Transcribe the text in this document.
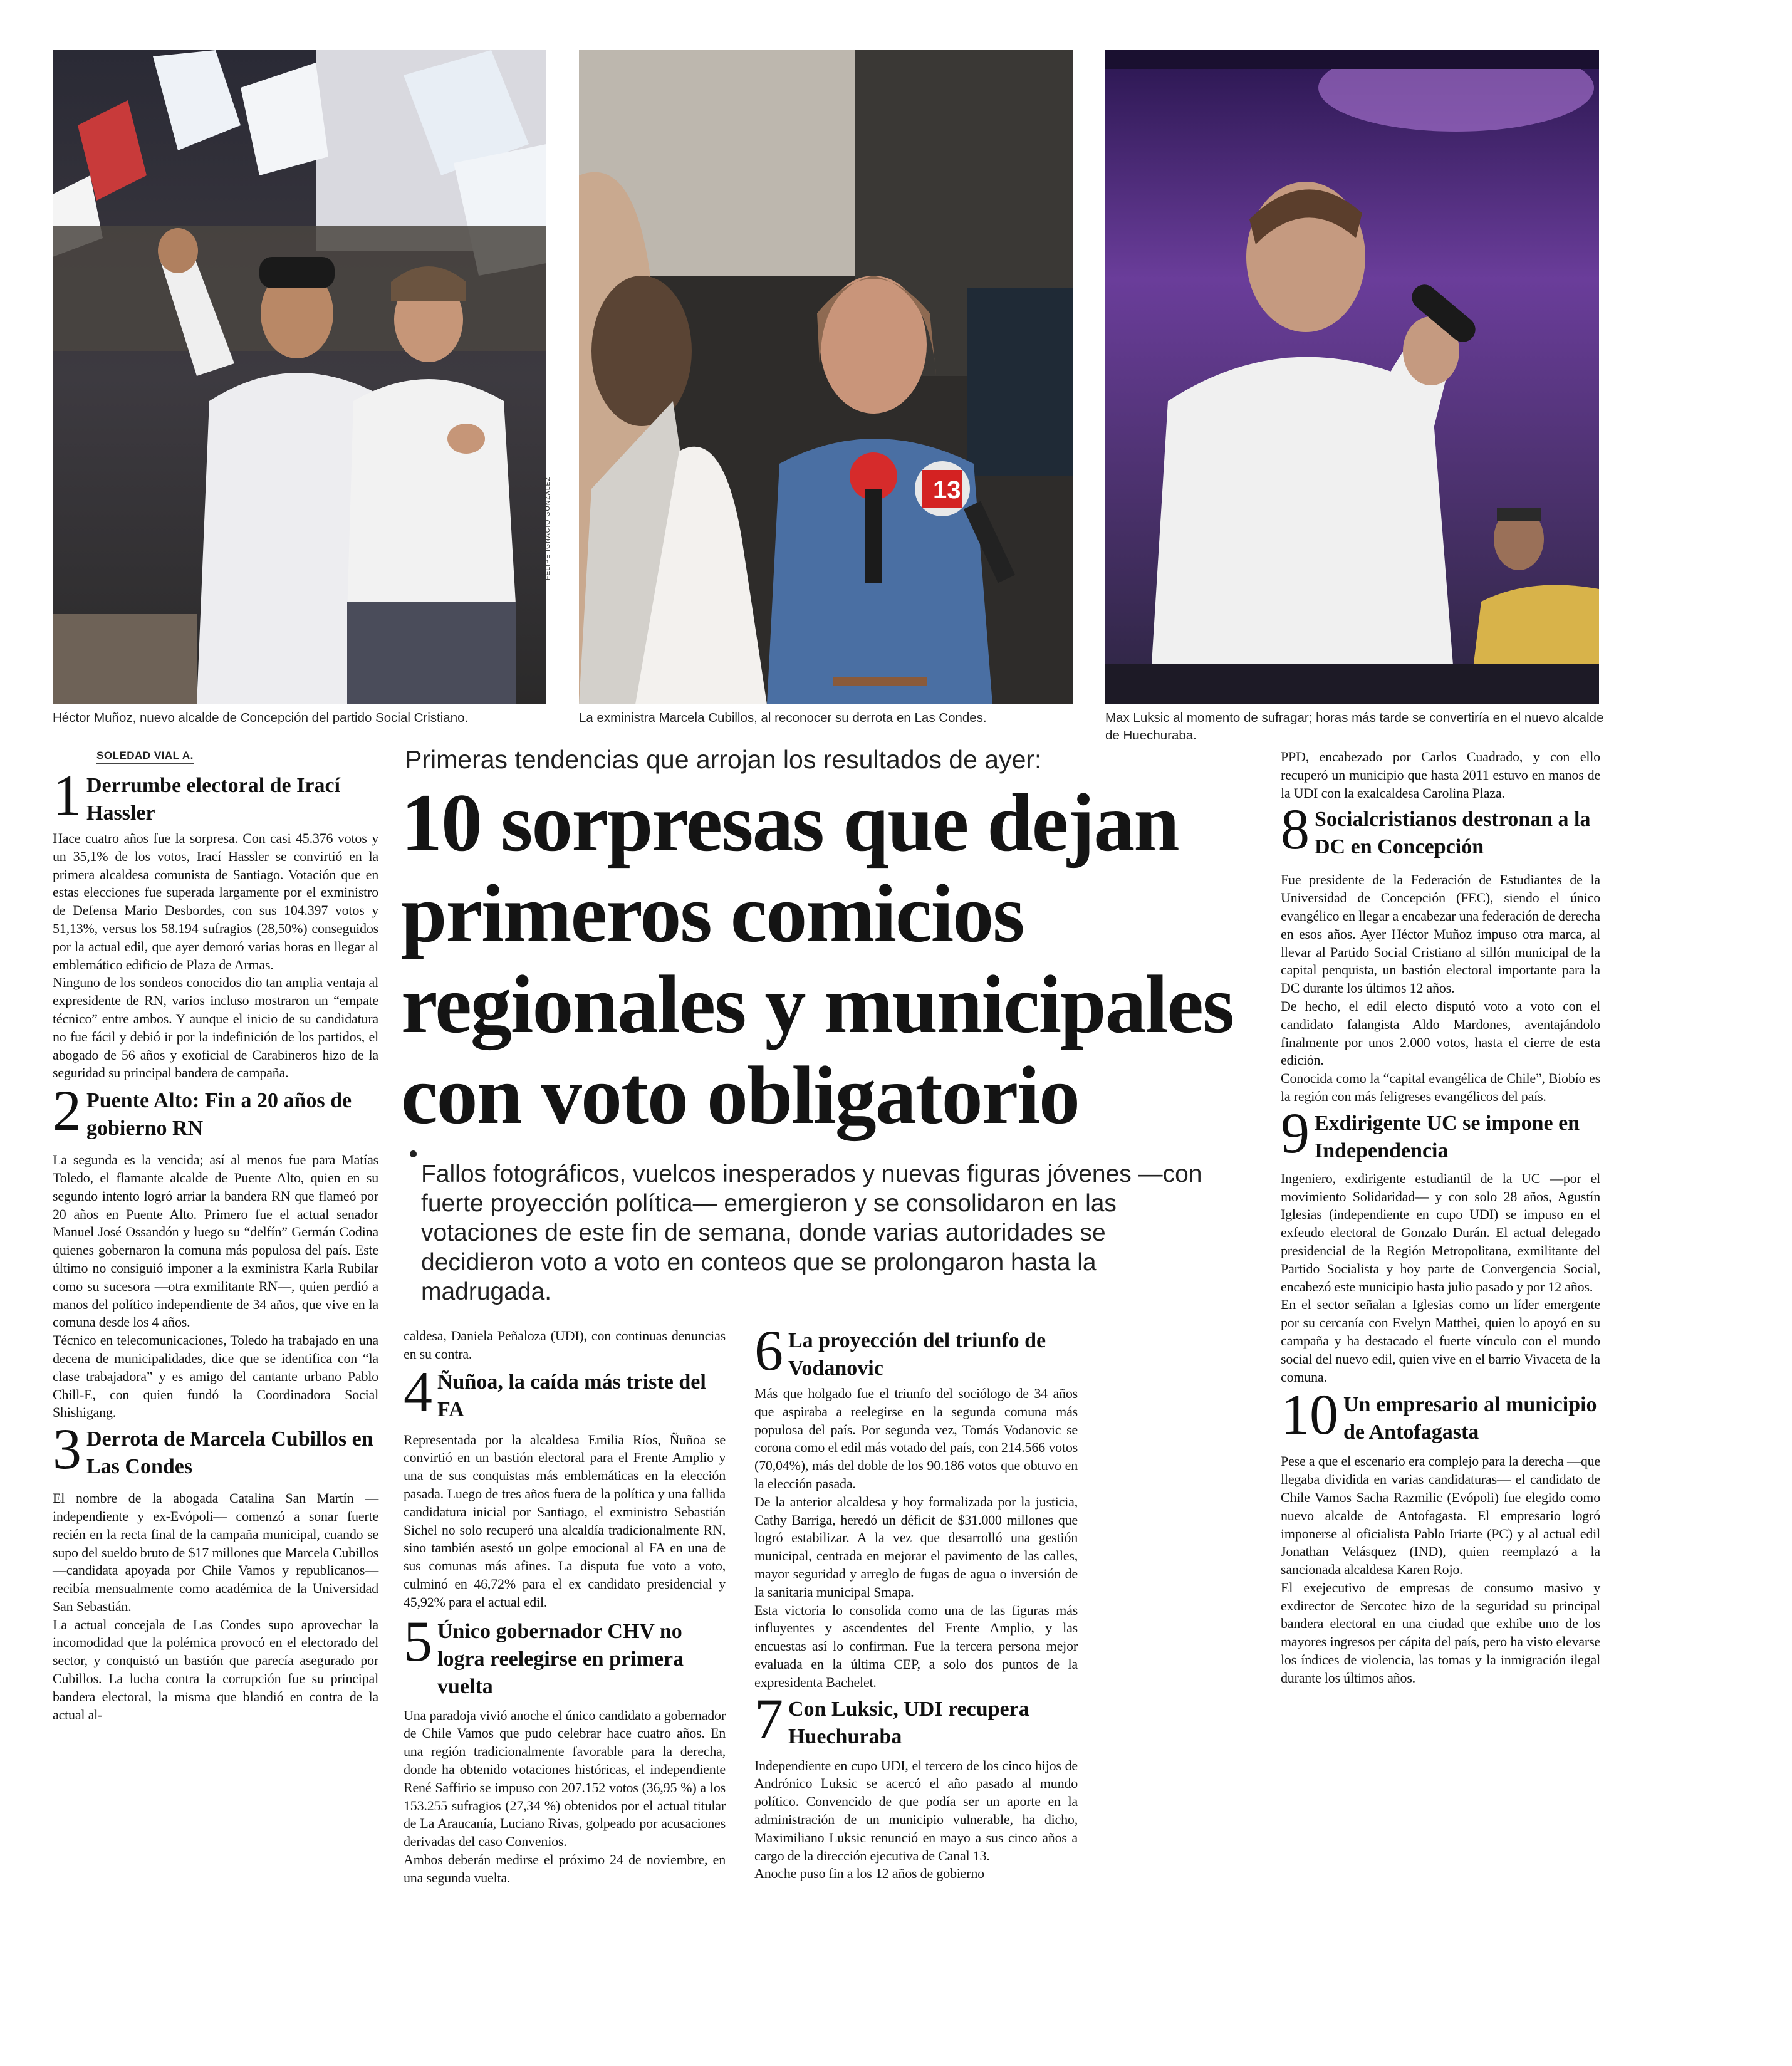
FELIPE IGNACIO GONZÁLEZ	13
Héctor Muñoz, nuevo alcalde de Concepción del partido Social Cristiano.	La exministra Marcela Cubillos, al reconocer su derrota en Las Condes.	Max Luksic al momento de sufragar; horas más tarde se convertiría en el nuevo alcalde de Huechuraba.
Primeras tendencias que arrojan los resultados de ayer:
10 sorpresas que dejan primeros comicios regionales y municipales con voto obligatorio
Fallos fotográficos, vuelcos inesperados y nuevas figuras jóvenes —con fuerte proyección política— emergieron y se consolidaron en las votaciones de este fin de semana, donde varias autoridades se decidieron voto a voto en conteos que se prolongaron hasta la madrugada.
SOLEDAD VIAL A.
1 Derrumbe electoral de Irací Hassler

Hace cuatro años fue la sorpresa. Con casi 45.376 votos y un 35,1% de los votos, Irací Hassler se convirtió en la primera alcaldesa comunista de Santiago. Votación que en estas elecciones fue superada largamente por el exministro de Defensa Mario Desbordes, con sus 104.397 votos y 51,13%, versus los 58.194 sufragios (28,50%) conseguidos por la actual edil, que ayer demoró varias horas en llegar al emblemático edificio de Plaza de Armas.

Ninguno de los sondeos conocidos dio tan amplia ventaja al expresidente de RN, varios incluso mostraron un “empate técnico” entre ambos. Y aunque el inicio de su candidatura no fue fácil y debió ir por la indefinición de los partidos, el abogado de 56 años y exoficial de Carabineros hizo de la seguridad su principal bandera de campaña.

2 Puente Alto: Fin a 20 años de gobierno RN

La segunda es la vencida; así al menos fue para Matías Toledo, el flamante alcalde de Puente Alto, quien en su segundo intento logró arriar la bandera RN que flameó por 20 años en Puente Alto. Primero fue el actual senador Manuel José Ossandón y luego su “delfín” Germán Codina quienes gobernaron la comuna más populosa del país. Este último no consiguió imponer a la exministra Karla Rubilar como su sucesora —otra exmilitante RN—, quien perdió a manos del político independiente de 34 años, que vive en la comuna desde los 4 años.

Técnico en telecomunicaciones, Toledo ha trabajado en una decena de municipalidades, dice que se identifica con “la clase trabajadora” y es amigo del cantante urbano Pablo Chill-E, con quien fundó la Coordinadora Social Shishigang.

3 Derrota de Marcela Cubillos en Las Condes

El nombre de la abogada Catalina San Martín —independiente y ex-Evópoli— comenzó a sonar fuerte recién en la recta final de la campaña municipal, cuando se supo del sueldo bruto de $17 millones que Marcela Cubillos —candidata apoyada por Chile Vamos y republicanos— recibía mensualmente como académica de la Universidad San Sebastián.

La actual concejala de Las Condes supo aprovechar la incomodidad que la polémica provocó en el electorado del sector, y conquistó un bastión que parecía asegurado por Cubillos. La lucha contra la corrupción fue su principal bandera electoral, la misma que blandió en contra de la actual al-

caldesa, Daniela Peñaloza (UDI), con continuas denuncias en su contra.

4 Ñuñoa, la caída más triste del FA

Representada por la alcaldesa Emilia Ríos, Ñuñoa se convirtió en un bastión electoral para el Frente Amplio y una de sus conquistas más emblemáticas en la elección pasada. Luego de tres años fuera de la política y una fallida candidatura inicial por Santiago, el exministro Sebastián Sichel no solo recuperó una alcaldía tradicionalmente RN, sino también asestó un golpe emocional al FA en una de sus comunas más afines. La disputa fue voto a voto, culminó en 46,72% para el ex candidato presidencial y 45,92% para el actual edil.

5 Único gobernador CHV no logra reelegirse en primera vuelta

Una paradoja vivió anoche el único candidato a gobernador de Chile Vamos que pudo celebrar hace cuatro años. En una región tradicionalmente favorable para la derecha, donde ha obtenido votaciones históricas, el independiente René Saffirio se impuso con 207.152 votos (36,95 %) a los 153.255 sufragios (27,34 %) obtenidos por el actual titular de La Araucanía, Luciano Rivas, golpeado por acusaciones derivadas del caso Convenios.

Ambos deberán medirse el próximo 24 de noviembre, en una segunda vuelta.

6 La proyección del triunfo de Vodanovic

Más que holgado fue el triunfo del sociólogo de 34 años que aspiraba a reelegirse en la segunda comuna más populosa del país. Por segunda vez, Tomás Vodanovic se corona como el edil más votado del país, con 214.566 votos (70,04%), más del doble de los 90.186 votos que obtuvo en la elección pasada.

De la anterior alcaldesa y hoy formalizada por la justicia, Cathy Barriga, heredó un déficit de $31.000 millones que logró estabilizar. A la vez que desarrolló una gestión municipal, centrada en mejorar el pavimento de las calles, mayor seguridad y arreglo de fugas de agua o inversión de la sanitaria municipal Smapa.

Esta victoria lo consolida como una de las figuras más influyentes y ascendentes del Frente Amplio, y las encuestas así lo confirman. Fue la tercera persona mejor evaluada en la última CEP, a solo dos puntos de la expresidenta Bachelet.

7 Con Luksic, UDI recupera Huechuraba

Independiente en cupo UDI, el tercero de los cinco hijos de Andrónico Luksic se acercó el año pasado al mundo político. Convencido de que podía ser un aporte en la administración de un municipio vulnerable, ha dicho, Maximiliano Luksic renunció en mayo a sus cinco años a cargo de la dirección ejecutiva de Canal 13.

Anoche puso fin a los 12 años de gobierno

PPD, encabezado por Carlos Cuadrado, y con ello recuperó un municipio que hasta 2011 estuvo en manos de la UDI con la exalcaldesa Carolina Plaza.

8 Socialcristianos destronan a la DC en Concepción

Fue presidente de la Federación de Estudiantes de la Universidad de Concepción (FEC), siendo el único evangélico en llegar a encabezar una federación de derecha en esos años. Ayer Héctor Muñoz impuso otra marca, al llevar al Partido Social Cristiano al sillón municipal de la capital penquista, un bastión electoral importante para la DC durante los últimos 12 años.

De hecho, el edil electo disputó voto a voto con el candidato falangista Aldo Mardones, aventajándolo finalmente por unos 2.000 votos, hasta el cierre de esta edición.

Conocida como la “capital evangélica de Chile”, Biobío es la región con más feligreses evangélicos del país.

9 Exdirigente UC se impone en Independencia

Ingeniero, exdirigente estudiantil de la UC —por el movimiento Solidaridad— y con solo 28 años, Agustín Iglesias (independiente en cupo UDI) se impuso en el exfeudo electoral de Gonzalo Durán. El actual delegado presidencial de la Región Metropolitana, exmilitante del Partido Socialista y hoy parte de Convergencia Social, encabezó este municipio hasta julio pasado y por 12 años.

En el sector señalan a Iglesias como un líder emergente por su cercanía con Evelyn Matthei, quien lo apoyó en su campaña y ha destacado el fuerte vínculo con el mundo social del nuevo edil, quien vive en el barrio Vivaceta de la comuna.

10 Un empresario al municipio de Antofagasta

Pese a que el escenario era complejo para la derecha —que llegaba dividida en varias candidaturas— el candidato de Chile Vamos Sacha Razmilic (Evópoli) fue elegido como nuevo alcalde de Antofagasta. El empresario logró imponerse al oficialista Pablo Iriarte (PC) y al actual edil Jonathan Velásquez (IND), quien reemplazó a la sancionada alcaldesa Karen Rojo.

El exejecutivo de empresas de consumo masivo y exdirector de Sercotec hizo de la seguridad su principal bandera electoral en una ciudad que exhibe uno de los mayores ingresos per cápita del país, pero ha visto elevarse los índices de violencia, las tomas y la inmigración ilegal durante los últimos años.
